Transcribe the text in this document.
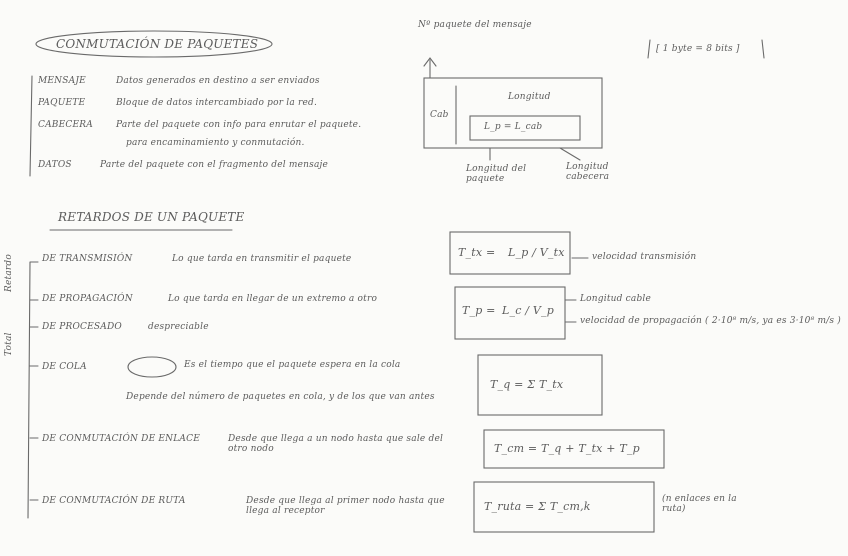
CONMUTACIÓN DE PAQUETES
Nº paquete del mensaje
[ 1 byte = 8 bits ]
MENSAJE	Datos generados en destino a ser enviados
PAQUETE	Bloque de datos intercambiado por la red.
CABECERA	Parte del paquete con info para enrutar el paquete.
para encaminamiento y conmutación.
DATOS	Parte del paquete con el fragmento del mensaje
Longitud
Cab
L_p = L_cab
Longitud del paquete
Longitud cabecera
RETARDOS DE UN PAQUETE
Retardo
Total
DE TRANSMISIÓN	Lo que tarda en transmitir el paquete	T_tx = L_p / V_tx	velocidad transmisión
DE PROPAGACIÓN	Lo que tarda en llegar de un extremo a otro
T_p = L_c / V_p
Longitud cable
velocidad de propagación ( 2·10⁸ m/s, ya es 3·10⁸ m/s )
DE PROCESADO	despreciable
DE COLA	Es el tiempo que el paquete espera en la cola
Depende del número de paquetes en cola, y de los que van antes
T_q = Σ T_tx
DE CONMUTACIÓN DE ENLACE	Desde que llega a un nodo hasta que sale del otro nodo	T_cm = T_q + T_tx + T_p
DE CONMUTACIÓN DE RUTA	Desde que llega al primer nodo hasta que llega al receptor	T_ruta = Σ T_cm,k
(n enlaces en la ruta)
